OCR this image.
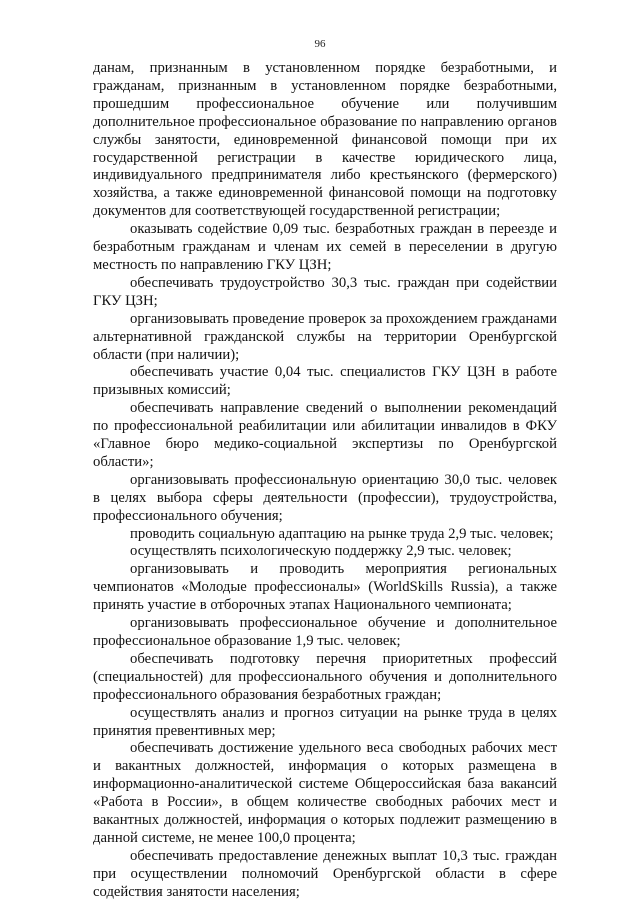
96

данам, признанным в установленном порядке безработными, и гражданам, признанным в установленном порядке безработными, прошедшим профессиональное обучение или получившим дополнительное профессиональное образование по направлению органов службы занятости, единовременной финансовой помощи при их государственной регистрации в качестве юридического лица, индивидуального предпринимателя либо крестьянского (фермерского) хозяйства, а также единовременной финансовой помощи на подготовку документов для соответствующей государственной регистрации;

оказывать содействие 0,09 тыс. безработных граждан в переезде и безработным гражданам и членам их семей в переселении в другую местность по направлению ГКУ ЦЗН;

обеспечивать трудоустройство 30,3 тыс. граждан при содействии ГКУ ЦЗН;

организовывать проведение проверок за прохождением гражданами альтернативной гражданской службы на территории Оренбургской области (при наличии);

обеспечивать участие 0,04 тыс. специалистов ГКУ ЦЗН в работе призывных комиссий;

обеспечивать направление сведений о выполнении рекомендаций по профессиональной реабилитации или абилитации инвалидов в ФКУ «Главное бюро медико-социальной экспертизы по Оренбургской области»;

организовывать профессиональную ориентацию 30,0 тыс. человек в целях выбора сферы деятельности (профессии), трудоустройства, профессионального обучения;

проводить социальную адаптацию на рынке труда 2,9 тыс. человек;

осуществлять психологическую поддержку 2,9 тыс. человек;

организовывать и проводить мероприятия региональных чемпионатов «Молодые профессионалы» (WorldSkills Russia), а также принять участие в отборочных этапах Национального чемпионата;

организовывать профессиональное обучение и дополнительное профессиональное образование 1,9 тыс. человек;

обеспечивать подготовку перечня приоритетных профессий (специальностей) для профессионального обучения и дополнительного профессионального образования безработных граждан;

осуществлять анализ и прогноз ситуации на рынке труда в целях принятия превентивных мер;

обеспечивать достижение удельного веса свободных рабочих мест и вакантных должностей, информация о которых размещена в информационно-аналитической системе Общероссийская база вакансий «Работа в России», в общем количестве свободных рабочих мест и вакантных должностей, информация о которых подлежит размещению в данной системе, не менее 100,0 процента;

обеспечивать предоставление денежных выплат 10,3 тыс. граждан при осуществлении полномочий Оренбургской области в сфере содействия занятости населения;
